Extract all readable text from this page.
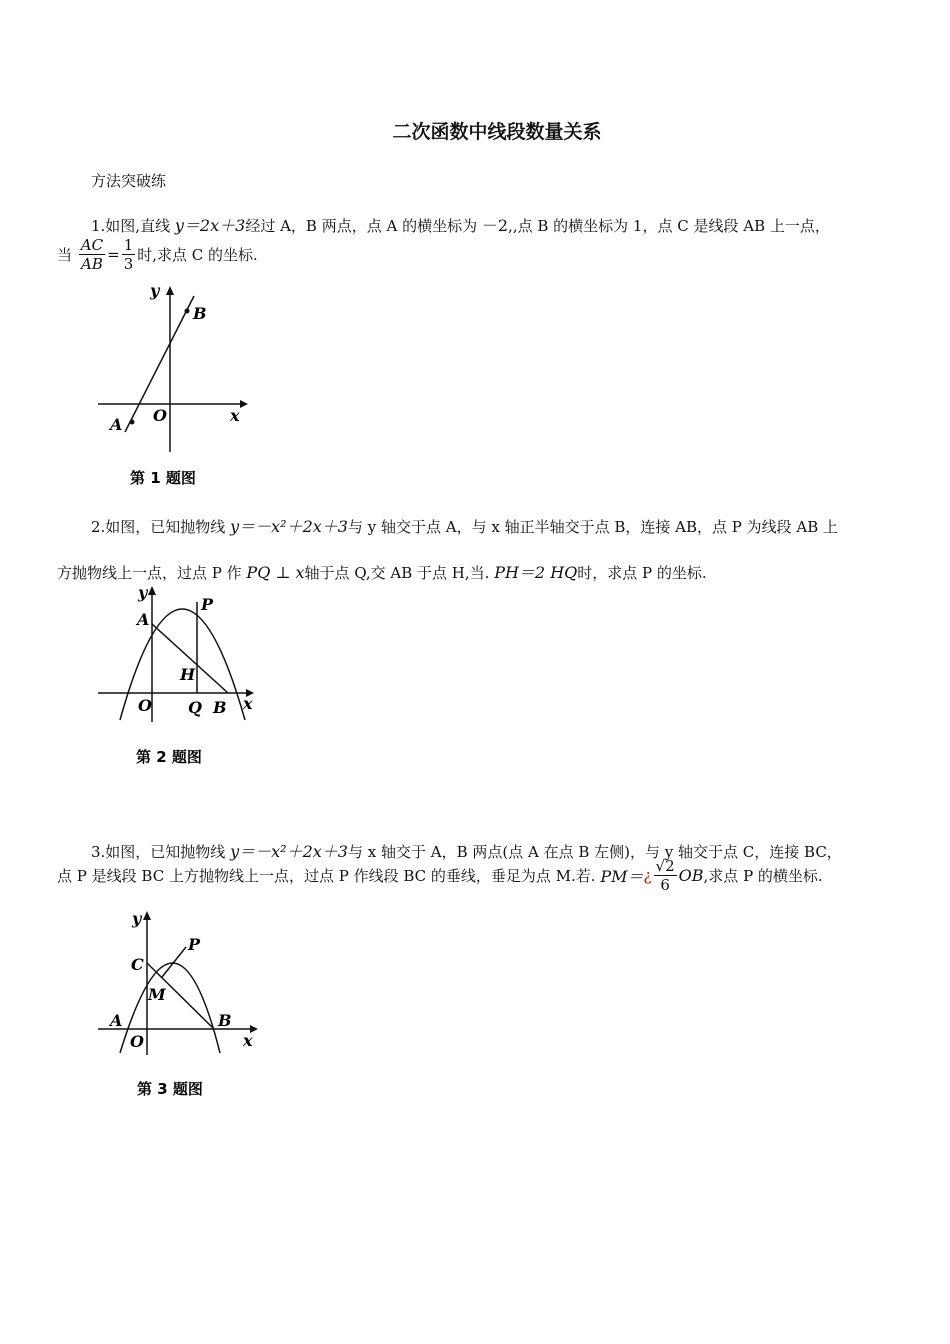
二次函数中线段数量关系
方法突破练
1.如图,直线 y＝2x＋3经过 A，B 两点，点 A 的横坐标为 －2,,点 B 的横坐标为 1，点 C 是线段 AB 上一点，
当 $\frac{AC}{AB} = \frac{1}{3}$ 时,求点 C 的坐标.
y
x
O
A
B
第 1 题图
2.如图，已知抛物线 y＝－x²＋2x＋3与 y 轴交于点 A，与 x 轴正半轴交于点 B，连接 AB，点 P 为线段 AB 上
方抛物线上一点，过点 P 作 PQ ⊥ x轴于点 Q,交 AB 于点 H,当. PH＝2 HQ时，求点 P 的坐标.
y
A
P
H
O Q B x
第 2 题图
3.如图，已知抛物线 y＝－x²＋2x＋3与 x 轴交于 A，B 两点(点 A 在点 B 左侧)，与 y 轴交于点 C，连接 BC，
点 P 是线段 BC 上方抛物线上一点，过点 P 作线段 BC 的垂线，垂足为点 M.若. PM＝¿ $\frac{√2}{6}$ OB,求点 P 的横坐标.
y
C
P
M
A	B
O	x
第 3 题图
